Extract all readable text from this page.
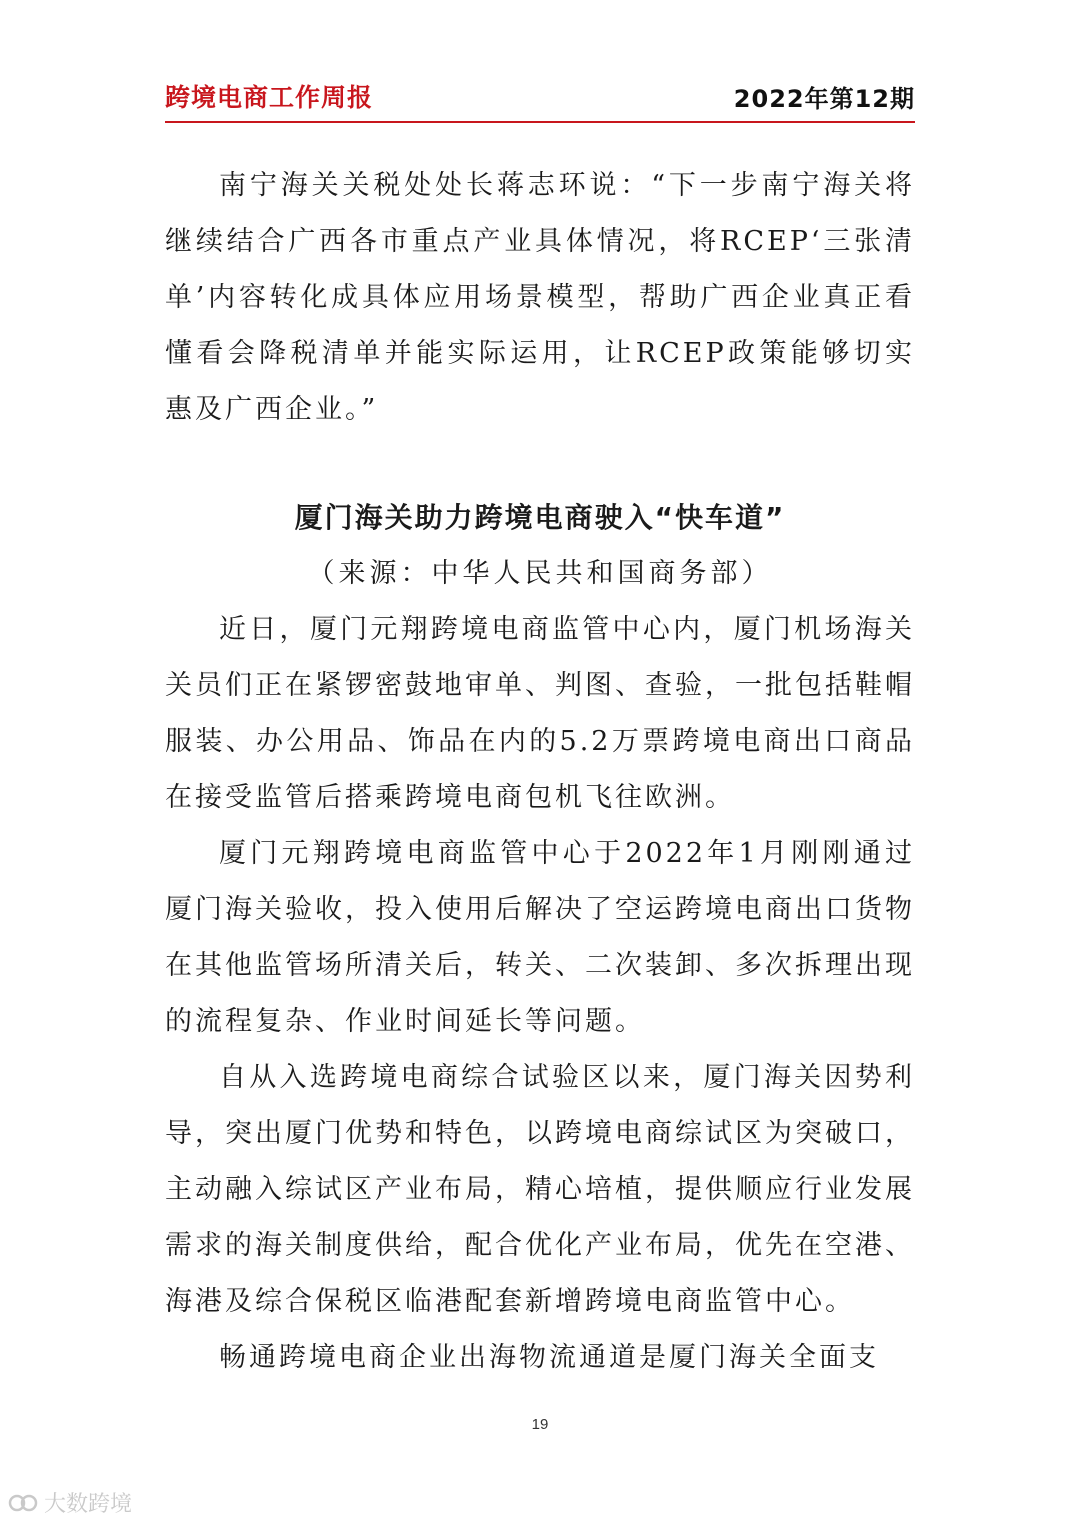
跨境电商工作周报	2022年第12期

南宁海关关税处处长蒋志环说：“下一步南宁海关将继续结合广西各市重点产业具体情况，将RCEP‘三张清单’内容转化成具体应用场景模型，帮助广西企业真正看懂看会降税清单并能实际运用，让RCEP政策能够切实惠及广西企业。”

厦门海关助力跨境电商驶入“快车道”

（来源：中华人民共和国商务部）

近日，厦门元翔跨境电商监管中心内，厦门机场海关关员们正在紧锣密鼓地审单、判图、查验，一批包括鞋帽服装、办公用品、饰品在内的5.2万票跨境电商出口商品在接受监管后搭乘跨境电商包机飞往欧洲。

厦门元翔跨境电商监管中心于2022年1月刚刚通过厦门海关验收，投入使用后解决了空运跨境电商出口货物在其他监管场所清关后，转关、二次装卸、多次拆理出现的流程复杂、作业时间延长等问题。

自从入选跨境电商综合试验区以来，厦门海关因势利导，突出厦门优势和特色，以跨境电商综试区为突破口，主动融入综试区产业布局，精心培植，提供顺应行业发展需求的海关制度供给，配合优化产业布局，优先在空港、海港及综合保税区临港配套新增跨境电商监管中心。

畅通跨境电商企业出海物流通道是厦门海关全面支

19
大数跨境
